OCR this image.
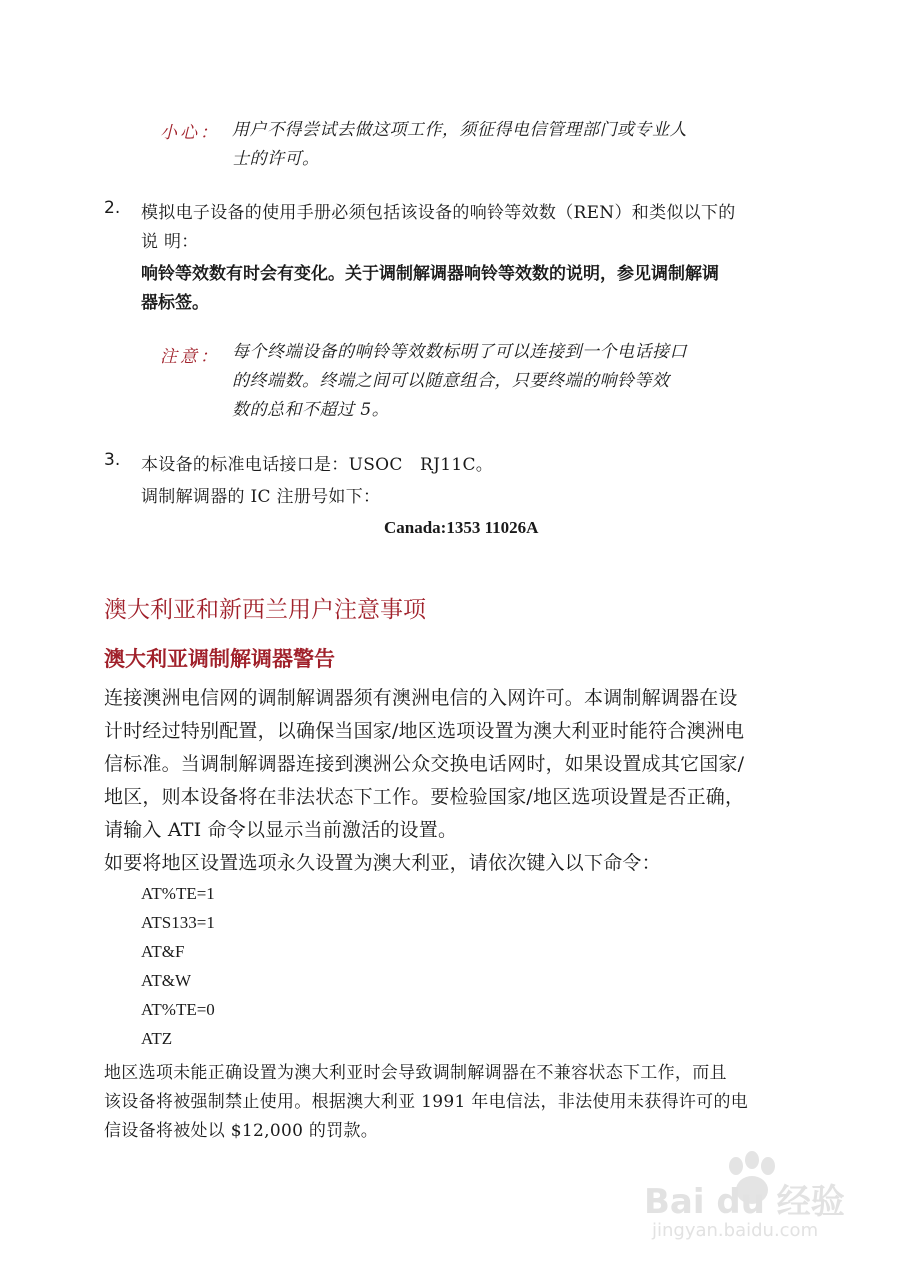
小心： 用户不得尝试去做这项工作，须征得电信管理部门或专业人
士的许可。
2. 模拟电子设备的使用手册必须包括该设备的响铃等效数（REN）和类似以下的
说 明：
响铃等效数有时会有变化。关于调制解调器响铃等效数的说明，参见调制解调
器标签。
注意： 每个终端设备的响铃等效数标明了可以连接到一个电话接口
的终端数。终端之间可以随意组合，只要终端的响铃等效
数的总和不超过 5。
3. 本设备的标准电话接口是：USOC　RJ11C。
调制解调器的 IC 注册号如下：
Canada:1353 11026A
澳大利亚和新西兰用户注意事项
澳大利亚调制解调器警告
连接澳洲电信网的调制解调器须有澳洲电信的入网许可。本调制解调器在设
计时经过特别配置，以确保当国家/地区选项设置为澳大利亚时能符合澳洲电
信标准。当调制解调器连接到澳洲公众交换电话网时，如果设置成其它国家/
地区，则本设备将在非法状态下工作。要检验国家/地区选项设置是否正确，
请输入 ATI 命令以显示当前激活的设置。
如要将地区设置选项永久设置为澳大利亚，请依次键入以下命令：
AT%TE=1
ATS133=1
AT&F
AT&W
AT%TE=0
ATZ
地区选项未能正确设置为澳大利亚时会导致调制解调器在不兼容状态下工作，而且
该设备将被强制禁止使用。根据澳大利亚 1991 年电信法，非法使用未获得许可的电
信设备将被处以 $12,000 的罚款。
Bai du 经验
jingyan.baidu.com
